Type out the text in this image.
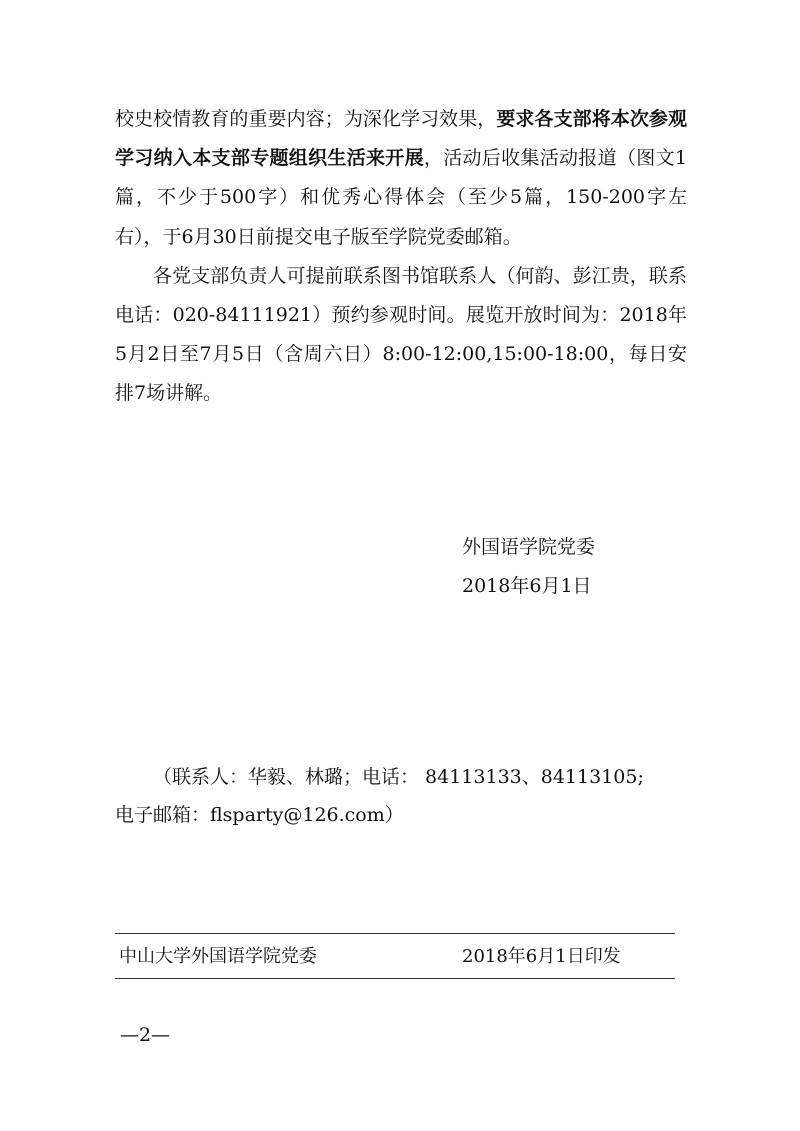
校史校情教育的重要内容；为深化学习效果，要求各支部将本次参观学习纳入本支部专题组织生活来开展，活动后收集活动报道（图文1篇，不少于500字）和优秀心得体会（至少5篇，150-200字左右），于6月30日前提交电子版至学院党委邮箱。

各党支部负责人可提前联系图书馆联系人（何韵、彭江贵，联系电话：020-84111921）预约参观时间。展览开放时间为：2018年5月2日至7月5日（含周六日）8:00-12:00,15:00-18:00，每日安排7场讲解。

外国语学院党委
2018年6月1日
（联系人：华毅、林璐；电话： 84113133、84113105;
电子邮箱：flsparty@126.com）
中山大学外国语学院党委	2018年6月1日印发
—2—
